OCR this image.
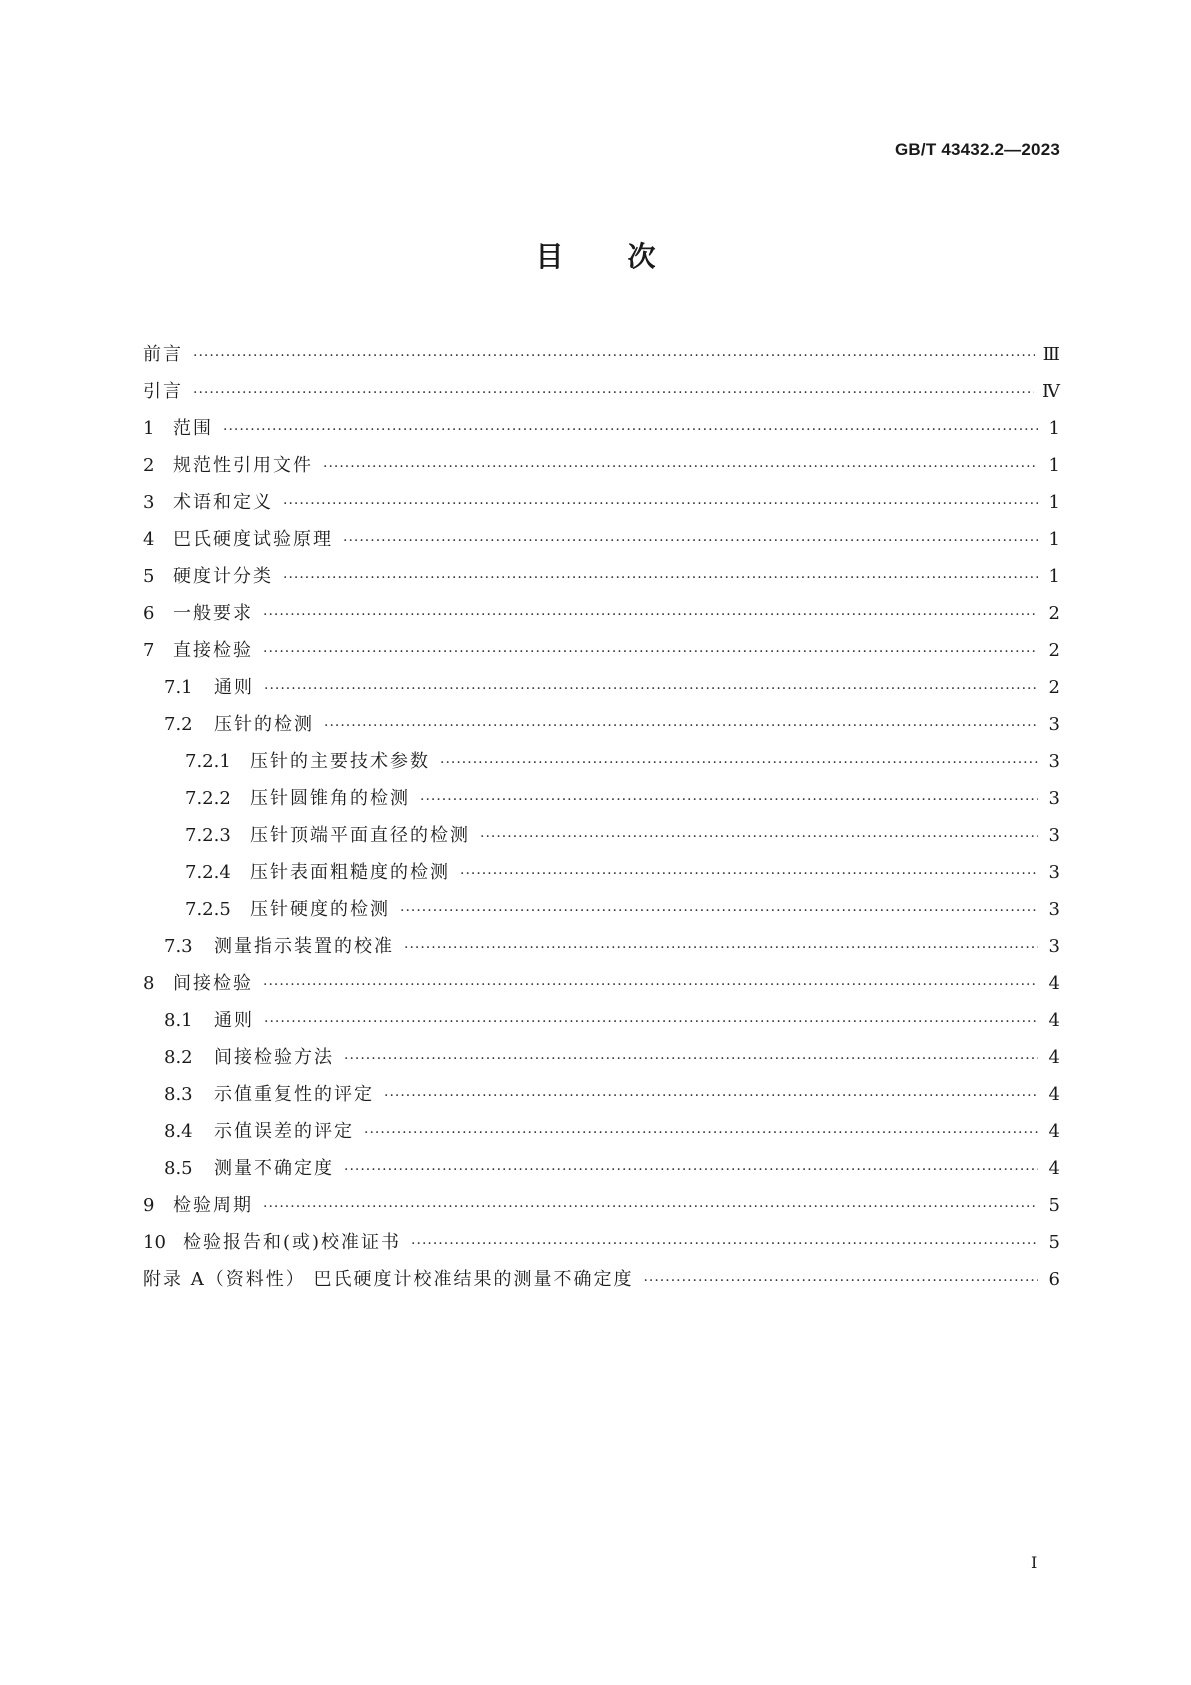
GB/T 43432.2—2023
目次
前言 ·····	Ⅲ
引言 ·····	Ⅳ
1	范围 ·····	1
2	规范性引用文件 ·····	1
3	术语和定义 ·····	1
4	巴氏硬度试验原理 ·····	1
5	硬度计分类 ·····	1
6	一般要求 ·····	2
7	直接检验 ·····	2
7.1	通则 ·····	2
7.2	压针的检测 ·····	3
7.2.1	压针的主要技术参数 ·····	3
7.2.2	压针圆锥角的检测 ·····	3
7.2.3	压针顶端平面直径的检测 ·····	3
7.2.4	压针表面粗糙度的检测 ·····	3
7.2.5	压针硬度的检测 ·····	3
7.3	测量指示装置的校准 ·····	3
8	间接检验 ·····	4
8.1	通则 ·····	4
8.2	间接检验方法 ·····	4
8.3	示值重复性的评定 ·····	4
8.4	示值误差的评定 ·····	4
8.5	测量不确定度 ·····	4
9	检验周期 ·····	5
10 检验报告和(或)校准证书 ·····	5
附录 A（资料性） 巴氏硬度计校准结果的测量不确定度 ·····	6
Ⅰ
